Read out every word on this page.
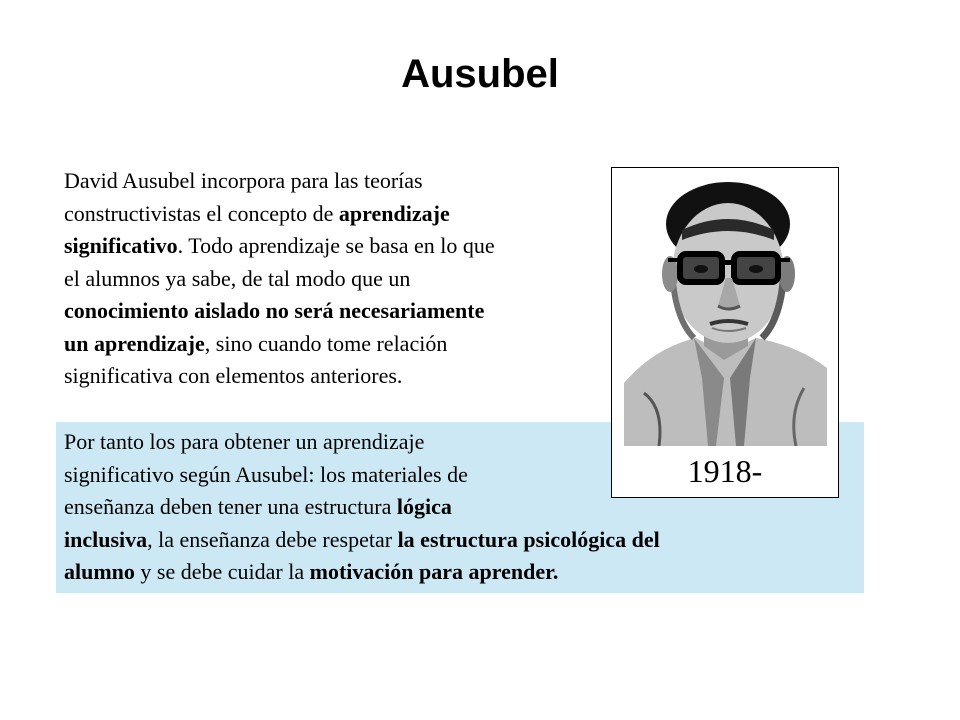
Ausubel
David Ausubel incorpora para las teorías
constructivistas el concepto de aprendizaje
significativo. Todo aprendizaje se basa en lo que
el alumnos ya sabe, de tal modo que un
conocimiento aislado no será necesariamente
un aprendizaje, sino cuando tome relación
significativa con elementos anteriores.
Por tanto los para obtener un aprendizaje
significativo según Ausubel: los materiales de
enseñanza deben tener una estructura lógica
inclusiva, la enseñanza debe respetar la estructura psicológica del
alumno y se debe cuidar la motivación para aprender.
1918-
